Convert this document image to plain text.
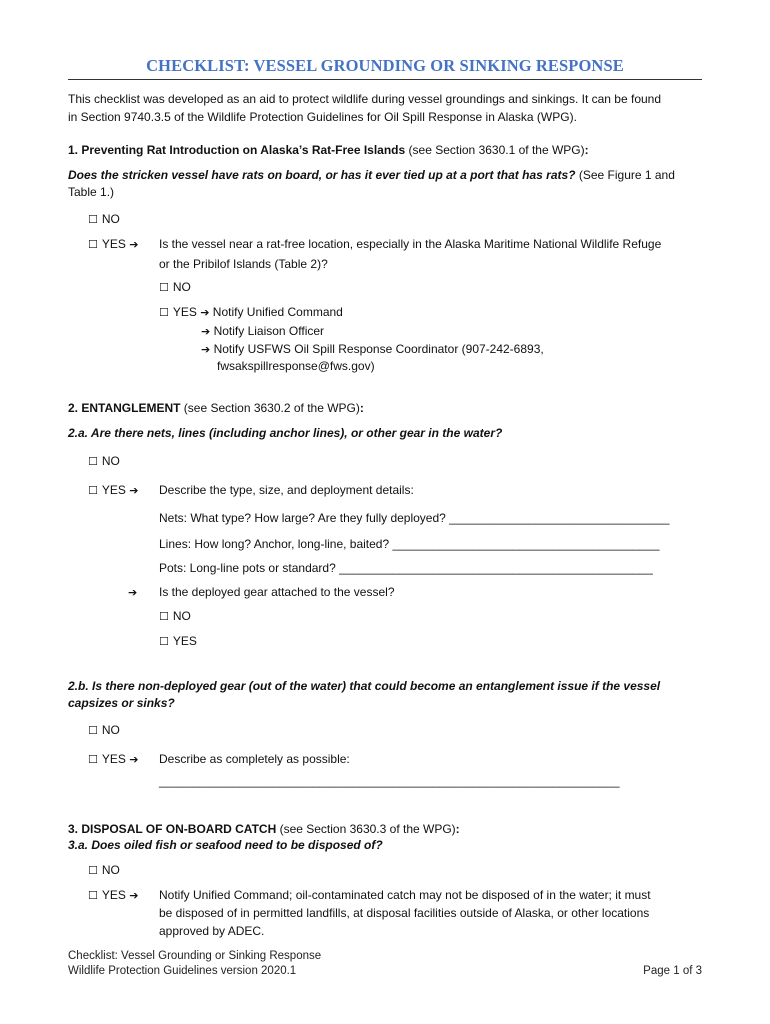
CHECKLIST: VESSEL GROUNDING OR SINKING RESPONSE
This checklist was developed as an aid to protect wildlife during vessel groundings and sinkings. It can be found
in Section 9740.3.5 of the Wildlife Protection Guidelines for Oil Spill Response in Alaska (WPG).
1. Preventing Rat Introduction on Alaska’s Rat-Free Islands (see Section 3630.1 of the WPG):
Does the stricken vessel have rats on board, or has it ever tied up at a port that has rats? (See Figure 1 and
Table 1.)
☐ NO
☐ YES ➔ Is the vessel near a rat-free location, especially in the Alaska Maritime National Wildlife Refuge
or the Pribilof Islands (Table 2)?
☐ NO
☐ YES ➔ Notify Unified Command
➔ Notify Liaison Officer
➔ Notify USFWS Oil Spill Response Coordinator (907-242-6893,
fwsakspillresponse@fws.gov)
2. ENTANGLEMENT (see Section 3630.2 of the WPG):
2.a. Are there nets, lines (including anchor lines), or other gear in the water?
☐ NO
☐ YES ➔ Describe the type, size, and deployment details:
Nets: What type? How large? Are they fully deployed? _________________________________
Lines: How long? Anchor, long-line, baited? ________________________________________
Pots: Long-line pots or standard? _______________________________________________
➔ Is the deployed gear attached to the vessel?
☐ NO
☐ YES
2.b. Is there non-deployed gear (out of the water) that could become an entanglement issue if the vessel
capsizes or sinks?
☐ NO
☐ YES ➔ Describe as completely as possible:
_____________________________________________________________________
3. DISPOSAL OF ON-BOARD CATCH (see Section 3630.3 of the WPG):
3.a. Does oiled fish or seafood need to be disposed of?
☐ NO
☐ YES ➔ Notify Unified Command; oil-contaminated catch may not be disposed of in the water; it must
be disposed of in permitted landfills, at disposal facilities outside of Alaska, or other locations
approved by ADEC.
Checklist: Vessel Grounding or Sinking Response
Wildlife Protection Guidelines version 2020.1	Page 1 of 3
